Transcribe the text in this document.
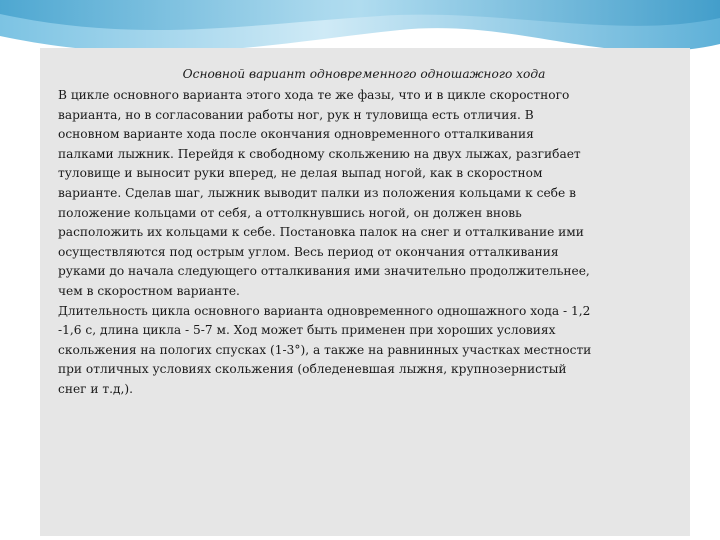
Основной вариант одновременного одношажного хода

В цикле основного варианта этого хода те же фазы, что и в цикле скоростного
варианта, но в согласовании работы ног, рук н туловища есть отличия. В
основном варианте хода после окончания одновременного отталкивания
палками лыжник. Перейдя к свободному скольжению на двух лыжах, разгибает
туловище и выносит руки вперед, не делая выпад ногой, как в скоростном
варианте. Сделав шаг, лыжник выводит палки из положения кольцами к себе в
положение кольцами от себя, а оттолкнувшись ногой, он должен вновь
расположить их кольцами к себе. Постановка палок на снег и отталкивание ими
осуществляются под острым углом. Весь период от окончания отталкивания
руками до начала следующего отталкивания ими значительно продолжительнее,
чем в скоростном варианте.

Длительность цикла основного варианта одновременного одношажного хода - 1,2
-1,6 с, длина цикла - 5-7 м. Ход может быть применен при хороших условиях
скольжения на пологих спусках (1-3°), а также на равнинных участках местности
при отличных условиях скольжения (обледеневшая лыжня, крупнозернистый
снег и т.д,).
